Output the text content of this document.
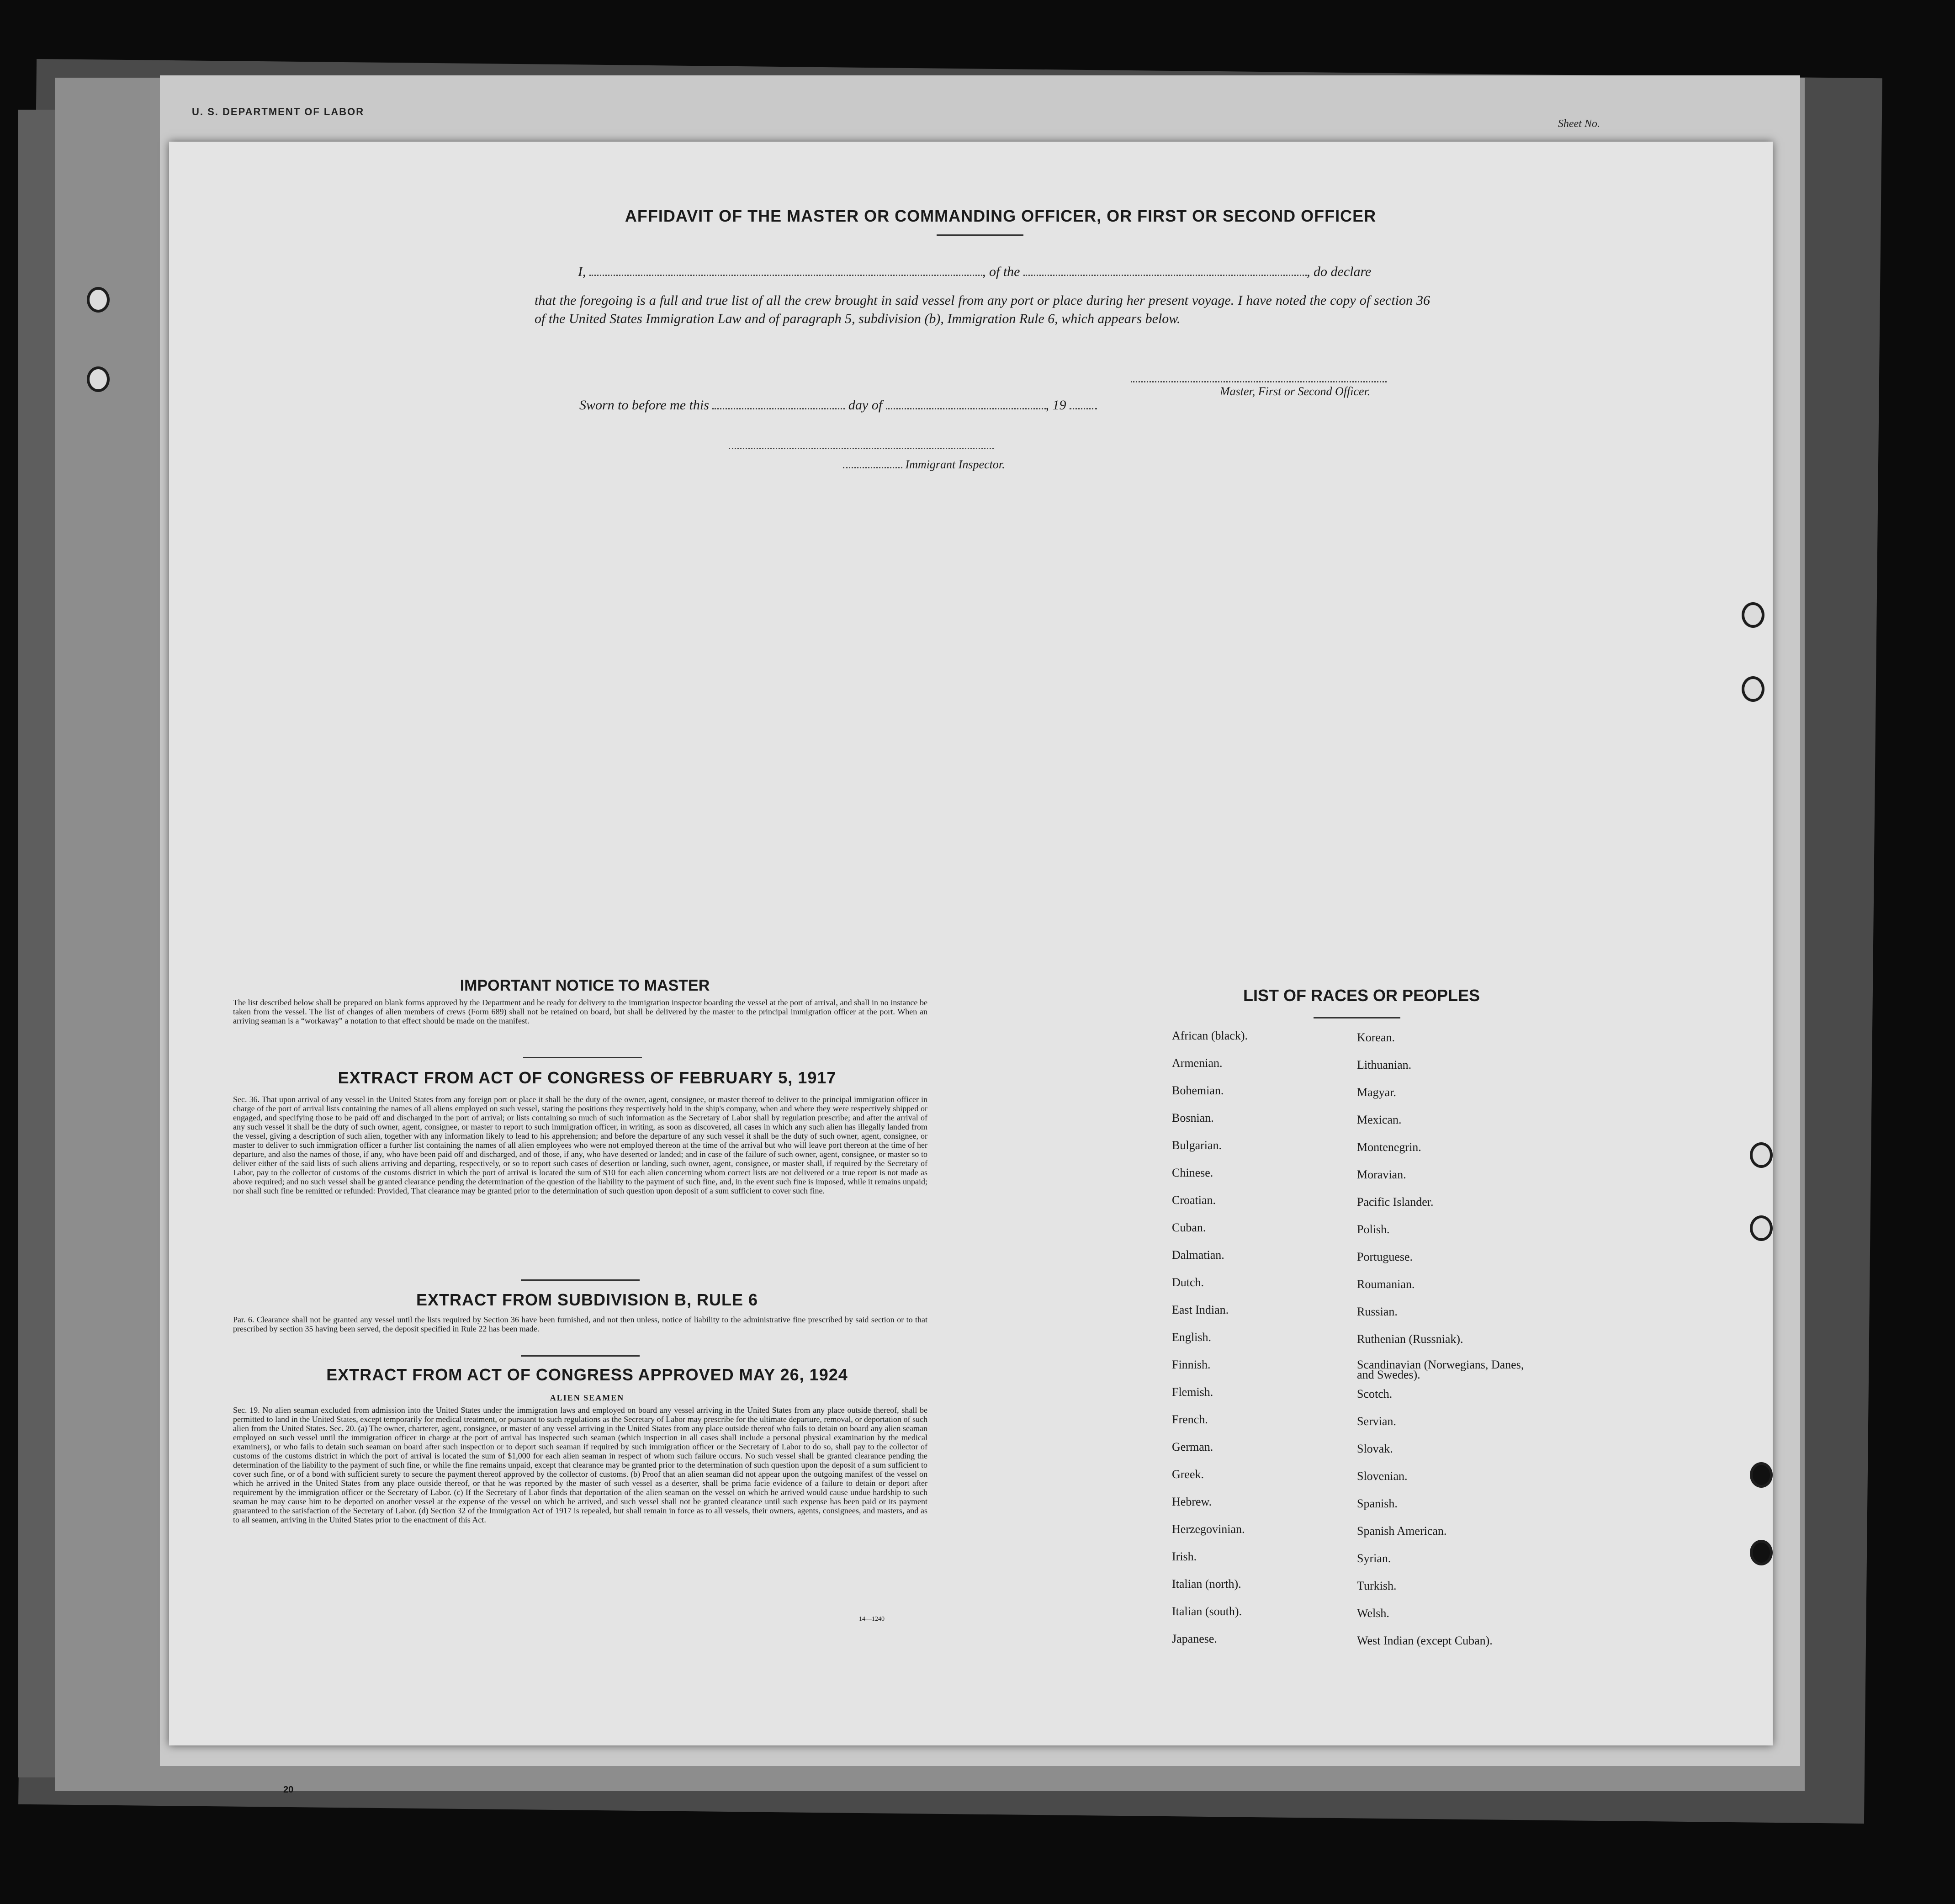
U. S. DEPARTMENT OF LABOR
Sheet No.
AFFIDAVIT OF THE MASTER OR COMMANDING OFFICER, OR FIRST OR SECOND OFFICER
I,	, of the	, do declare
that the foregoing is a full and true list of all the crew brought in said vessel from any port or place during her present voyage. I have noted the copy of section 36 of the United States Immigration Law and of paragraph 5, subdivision (b), Immigration Rule 6, which appears below.
Master, First or Second Officer.
Sworn to before me this	day of	, 19
Immigrant Inspector.
IMPORTANT NOTICE TO MASTER
The list described below shall be prepared on blank forms approved by the Department and be ready for delivery to the immigration inspector boarding the vessel at the port of arrival, and shall in no instance be taken from the vessel. The list of changes of alien members of crews (Form 689) shall not be retained on board, but shall be delivered by the master to the principal immigration officer at the port. When an arriving seaman is a “workaway” a notation to that effect should be made on the manifest.
EXTRACT FROM ACT OF CONGRESS OF FEBRUARY 5, 1917
Sec. 36. That upon arrival of any vessel in the United States from any foreign port or place it shall be the duty of the owner, agent, consignee, or master thereof to deliver to the principal immigration officer in charge of the port of arrival lists containing the names of all aliens employed on such vessel, stating the positions they respectively hold in the ship's company, when and where they were respectively shipped or engaged, and specifying those to be paid off and discharged in the port of arrival; or lists containing so much of such information as the Secretary of Labor shall by regulation prescribe; and after the arrival of any such vessel it shall be the duty of such owner, agent, consignee, or master to report to such immigration officer, in writing, as soon as discovered, all cases in which any such alien has illegally landed from the vessel, giving a description of such alien, together with any information likely to lead to his apprehension; and before the departure of any such vessel it shall be the duty of such owner, agent, consignee, or master to deliver to such immigration officer a further list containing the names of all alien employees who were not employed thereon at the time of the arrival but who will leave port thereon at the time of her departure, and also the names of those, if any, who have been paid off and discharged, and of those, if any, who have deserted or landed; and in case of the failure of such owner, agent, consignee, or master so to deliver either of the said lists of such aliens arriving and departing, respectively, or so to report such cases of desertion or landing, such owner, agent, consignee, or master shall, if required by the Secretary of Labor, pay to the collector of customs of the customs district in which the port of arrival is located the sum of $10 for each alien concerning whom correct lists are not delivered or a true report is not made as above required; and no such vessel shall be granted clearance pending the determination of the question of the liability to the payment of such fine, and, in the event such fine is imposed, while it remains unpaid; nor shall such fine be remitted or refunded: Provided, That clearance may be granted prior to the determination of such question upon deposit of a sum sufficient to cover such fine.
EXTRACT FROM SUBDIVISION B, RULE 6
Par. 6. Clearance shall not be granted any vessel until the lists required by Section 36 have been furnished, and not then unless, notice of liability to the administrative fine prescribed by said section or to that prescribed by section 35 having been served, the deposit specified in Rule 22 has been made.
EXTRACT FROM ACT OF CONGRESS APPROVED MAY 26, 1924
ALIEN SEAMEN
Sec. 19. No alien seaman excluded from admission into the United States under the immigration laws and employed on board any vessel arriving in the United States from any place outside thereof, shall be permitted to land in the United States, except temporarily for medical treatment, or pursuant to such regulations as the Secretary of Labor may prescribe for the ultimate departure, removal, or deportation of such alien from the United States. Sec. 20. (a) The owner, charterer, agent, consignee, or master of any vessel arriving in the United States from any place outside thereof who fails to detain on board any alien seaman employed on such vessel until the immigration officer in charge at the port of arrival has inspected such seaman (which inspection in all cases shall include a personal physical examination by the medical examiners), or who fails to detain such seaman on board after such inspection or to deport such seaman if required by such immigration officer or the Secretary of Labor to do so, shall pay to the collector of customs of the customs district in which the port of arrival is located the sum of $1,000 for each alien seaman in respect of whom such failure occurs. No such vessel shall be granted clearance pending the determination of the liability to the payment of such fine, or while the fine remains unpaid, except that clearance may be granted prior to the determination of such question upon the deposit of a sum sufficient to cover such fine, or of a bond with sufficient surety to secure the payment thereof approved by the collector of customs. (b) Proof that an alien seaman did not appear upon the outgoing manifest of the vessel on which he arrived in the United States from any place outside thereof, or that he was reported by the master of such vessel as a deserter, shall be prima facie evidence of a failure to detain or deport after requirement by the immigration officer or the Secretary of Labor. (c) If the Secretary of Labor finds that deportation of the alien seaman on the vessel on which he arrived would cause undue hardship to such seaman he may cause him to be deported on another vessel at the expense of the vessel on which he arrived, and such vessel shall not be granted clearance until such expense has been paid or its payment guaranteed to the satisfaction of the Secretary of Labor. (d) Section 32 of the Immigration Act of 1917 is repealed, but shall remain in force as to all vessels, their owners, agents, consignees, and masters, and as to all seamen, arriving in the United States prior to the enactment of this Act.
14—1240
LIST OF RACES OR PEOPLES
African (black).
Armenian.
Bohemian.
Bosnian.
Bulgarian.
Chinese.
Croatian.
Cuban.
Dalmatian.
Dutch.
East Indian.
English.
Finnish.
Flemish.
French.
German.
Greek.
Hebrew.
Herzegovinian.
Irish.
Italian (north).
Italian (south).
Japanese.
Korean.
Lithuanian.
Magyar.
Mexican.
Montenegrin.
Moravian.
Pacific Islander.
Polish.
Portuguese.
Roumanian.
Russian.
Ruthenian (Russniak).
Scandinavian (Norwegians, Danes, and Swedes).
Scotch.
Servian.
Slovak.
Slovenian.
Spanish.
Spanish American.
Syrian.
Turkish.
Welsh.
West Indian (except Cuban).
20
